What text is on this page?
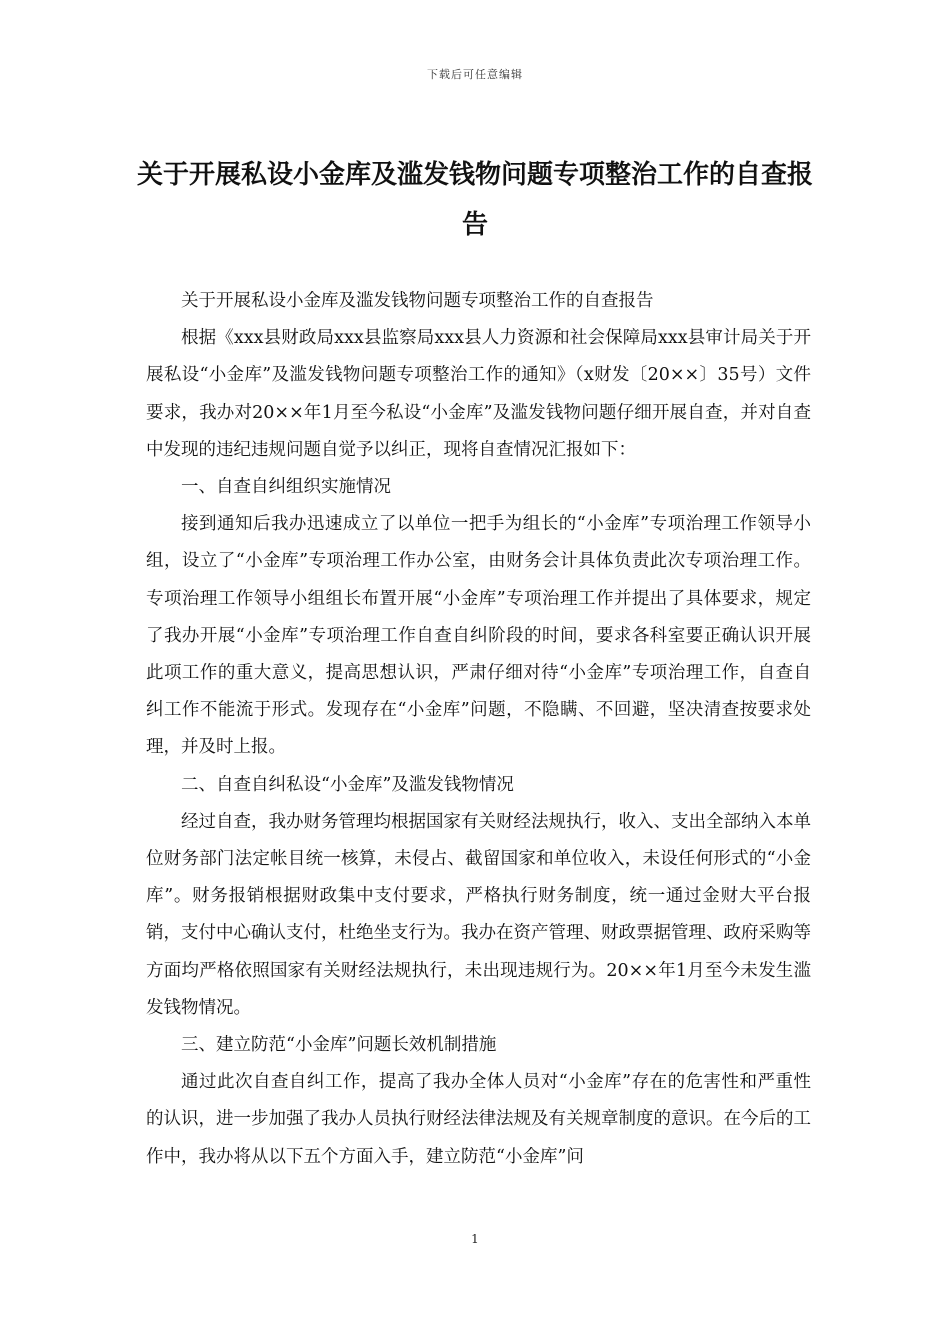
下载后可任意编辑
关于开展私设小金库及滥发钱物问题专项整治工作的自查报告

关于开展私设小金库及滥发钱物问题专项整治工作的自查报告

根据《xxx县财政局xxx县监察局xxx县人力资源和社会保障局xxx县审计局关于开展私设“小金库”及滥发钱物问题专项整治工作的通知》（x财发〔20××〕35号）文件要求，我办对20××年1月至今私设“小金库”及滥发钱物问题仔细开展自查，并对自查中发现的违纪违规问题自觉予以纠正，现将自查情况汇报如下：

一、自查自纠组织实施情况

接到通知后我办迅速成立了以单位一把手为组长的“小金库”专项治理工作领导小组，设立了“小金库”专项治理工作办公室，由财务会计具体负责此次专项治理工作。专项治理工作领导小组组长布置开展“小金库”专项治理工作并提出了具体要求，规定了我办开展“小金库”专项治理工作自查自纠阶段的时间，要求各科室要正确认识开展此项工作的重大意义，提高思想认识，严肃仔细对待“小金库”专项治理工作，自查自纠工作不能流于形式。发现存在“小金库”问题，不隐瞒、不回避，坚决清查按要求处理，并及时上报。

二、自查自纠私设“小金库”及滥发钱物情况

经过自查，我办财务管理均根据国家有关财经法规执行，收入、支出全部纳入本单位财务部门法定帐目统一核算，未侵占、截留国家和单位收入，未设任何形式的“小金库”。财务报销根据财政集中支付要求，严格执行财务制度，统一通过金财大平台报销，支付中心确认支付，杜绝坐支行为。我办在资产管理、财政票据管理、政府采购等方面均严格依照国家有关财经法规执行，未出现违规行为。20××年1月至今未发生滥发钱物情况。

三、建立防范“小金库”问题长效机制措施

通过此次自查自纠工作，提高了我办全体人员对“小金库”存在的危害性和严重性的认识，进一步加强了我办人员执行财经法律法规及有关规章制度的意识。在今后的工作中，我办将从以下五个方面入手，建立防范“小金库”问

1
